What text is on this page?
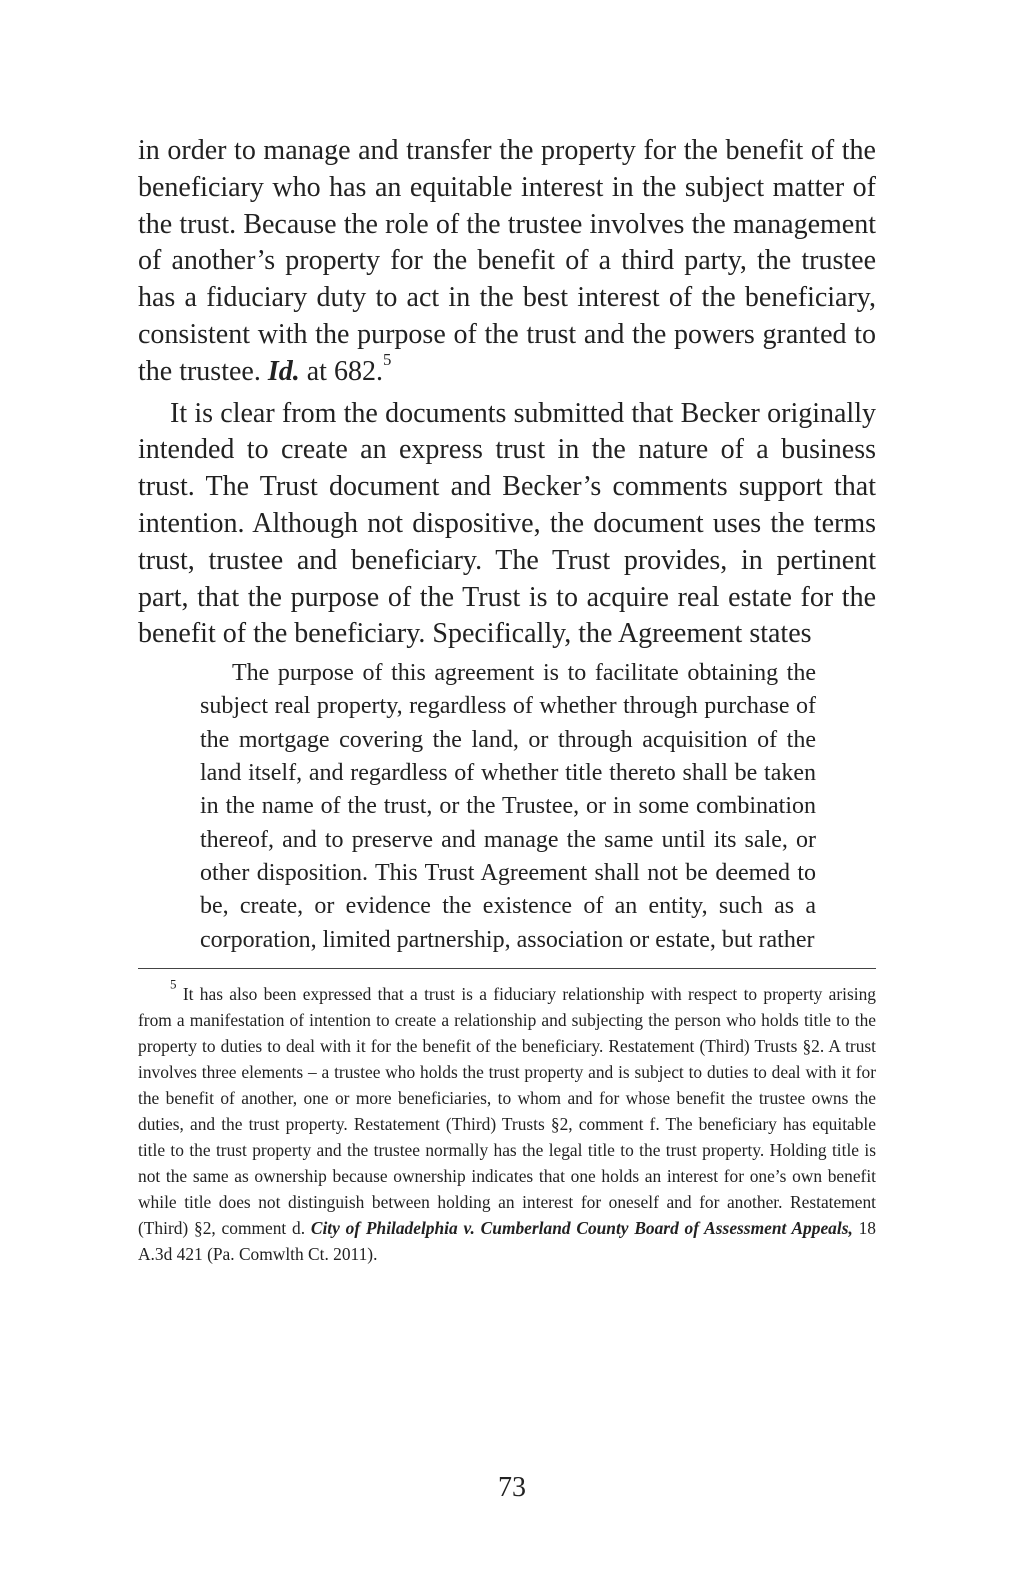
in order to manage and transfer the property for the benefit of the beneficiary who has an equitable interest in the subject matter of the trust. Because the role of the trustee involves the management of another’s property for the benefit of a third party, the trustee has a fiduciary duty to act in the best interest of the beneficiary, consistent with the purpose of the trust and the powers granted to the trustee. Id. at 682.$^5$

It is clear from the documents submitted that Becker originally intended to create an express trust in the nature of a business trust. The Trust document and Becker’s comments support that intention. Although not dispositive, the document uses the terms trust, trustee and beneficiary. The Trust provides, in pertinent part, that the purpose of the Trust is to acquire real estate for the benefit of the beneficiary. Specifically, the Agreement states

The purpose of this agreement is to facilitate obtaining the subject real property, regardless of whether through purchase of the mortgage covering the land, or through acquisition of the land itself, and regardless of whether title thereto shall be taken in the name of the trust, or the Trustee, or in some combination thereof, and to preserve and manage the same until its sale, or other disposition. This Trust Agreement shall not be deemed to be, create, or evidence the existence of an entity, such as a corporation, limited partnership, association or estate, but rather

$^5$ It has also been expressed that a trust is a fiduciary relationship with respect to property arising from a manifestation of intention to create a relationship and subjecting the person who holds title to the property to duties to deal with it for the benefit of the beneficiary. Restatement (Third) Trusts §2. A trust involves three elements – a trustee who holds the trust property and is subject to duties to deal with it for the benefit of another, one or more beneficiaries, to whom and for whose benefit the trustee owns the duties, and the trust property. Restatement (Third) Trusts §2, comment f. The beneficiary has equitable title to the trust property and the trustee normally has the legal title to the trust property. Holding title is not the same as ownership because ownership indicates that one holds an interest for one’s own benefit while title does not distinguish between holding an interest for oneself and for another. Restatement (Third) §2, comment d. City of Philadelphia v. Cumberland County Board of Assessment Appeals, 18 A.3d 421 (Pa. Comwlth Ct. 2011).

73
